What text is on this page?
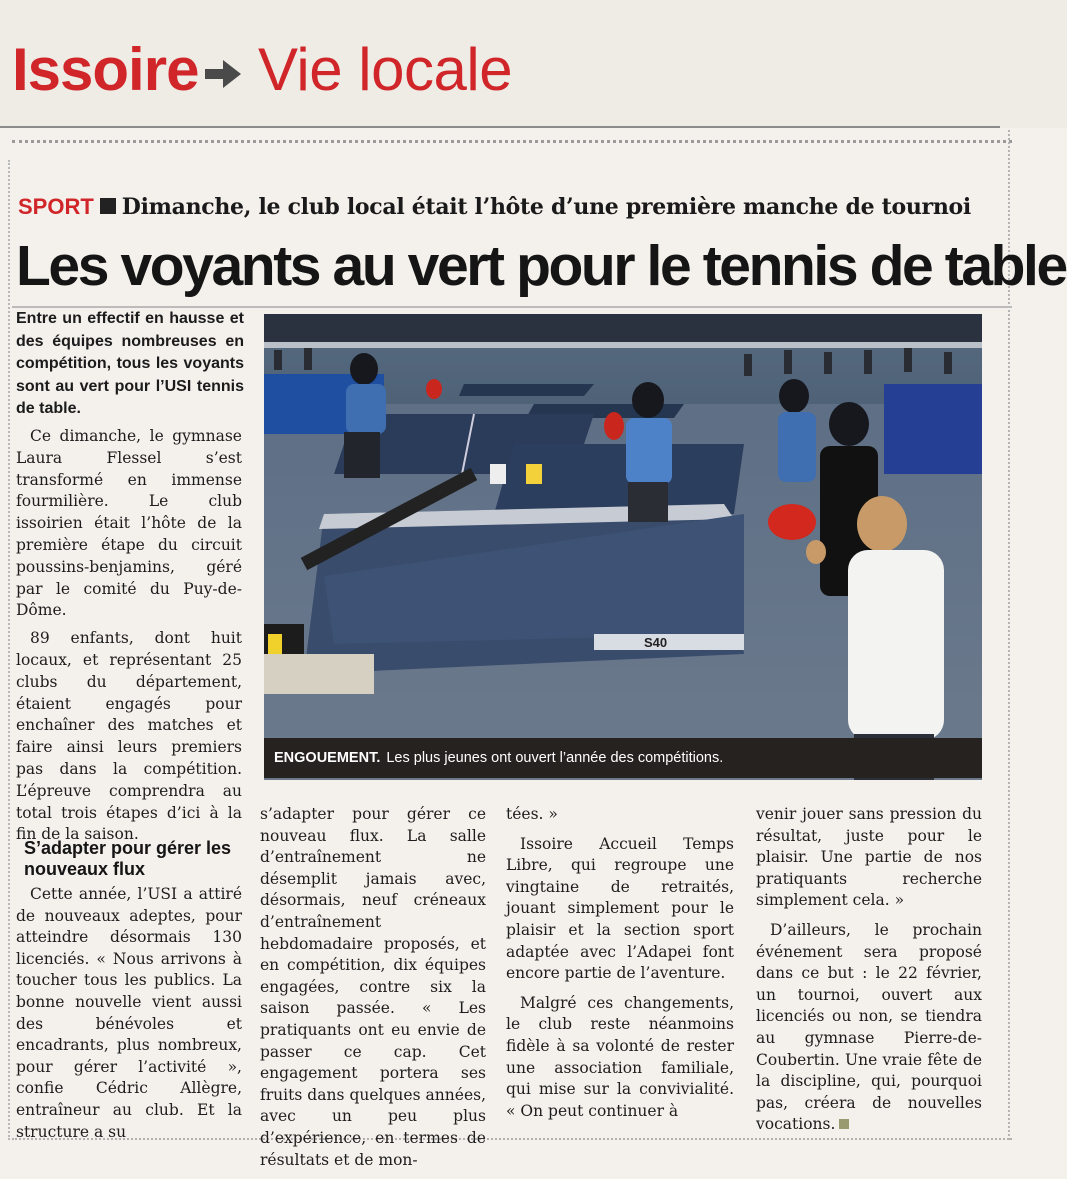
Issoire Vie locale
SPORT Dimanche, le club local était l’hôte d’une première manche de tournoi
Les voyants au vert pour le tennis de table
Entre un effectif en hausse et des équipes nombreuses en compétition, tous les voyants sont au vert pour l’USI tennis de table.

Ce dimanche, le gymnase Laura Flessel s’est transformé en immense fourmilière. Le club issoirien était l’hôte de la première étape du circuit poussins-benjamins, géré par le comité du Puy-de-Dôme.

89 enfants, dont huit locaux, et représentant 25 clubs du département, étaient engagés pour enchaîner des matches et faire ainsi leurs premiers pas dans la compétition. L’épreuve comprendra au total trois étapes d’ici à la fin de la saison.

S’adapter pour gérer les nouveaux flux

Cette année, l’USI a attiré de nouveaux adeptes, pour atteindre désormais 130 licenciés. « Nous arrivons à toucher tous les publics. La bonne nouvelle vient aussi des bénévoles et encadrants, plus nombreux, pour gérer l’activité », confie Cédric Allègre, entraîneur au club. Et la structure a su

S40
ENGOUEMENT. Les plus jeunes ont ouvert l’année des compétitions.

s’adapter pour gérer ce nouveau flux. La salle d’entraînement ne désemplit jamais avec, désormais, neuf créneaux d’entraînement hebdomadaire proposés, et en compétition, dix équipes engagées, contre six la saison passée. « Les pratiquants ont eu envie de passer ce cap. Cet engagement portera ses fruits dans quelques années, avec un peu plus d’expérience, en termes de résultats et de mon-

tées. »

Issoire Accueil Temps Libre, qui regroupe une vingtaine de retraités, jouant simplement pour le plaisir et la section sport adaptée avec l’Adapei font encore partie de l’aventure.

Malgré ces changements, le club reste néanmoins fidèle à sa volonté de rester une association familiale, qui mise sur la convivialité. « On peut continuer à

venir jouer sans pression du résultat, juste pour le plaisir. Une partie de nos pratiquants recherche simplement cela. »

D’ailleurs, le prochain événement sera proposé dans ce but : le 22 février, un tournoi, ouvert aux licenciés ou non, se tiendra au gymnase Pierre-de-Coubertin. Une vraie fête de la discipline, qui, pourquoi pas, créera de nouvelles vocations.
